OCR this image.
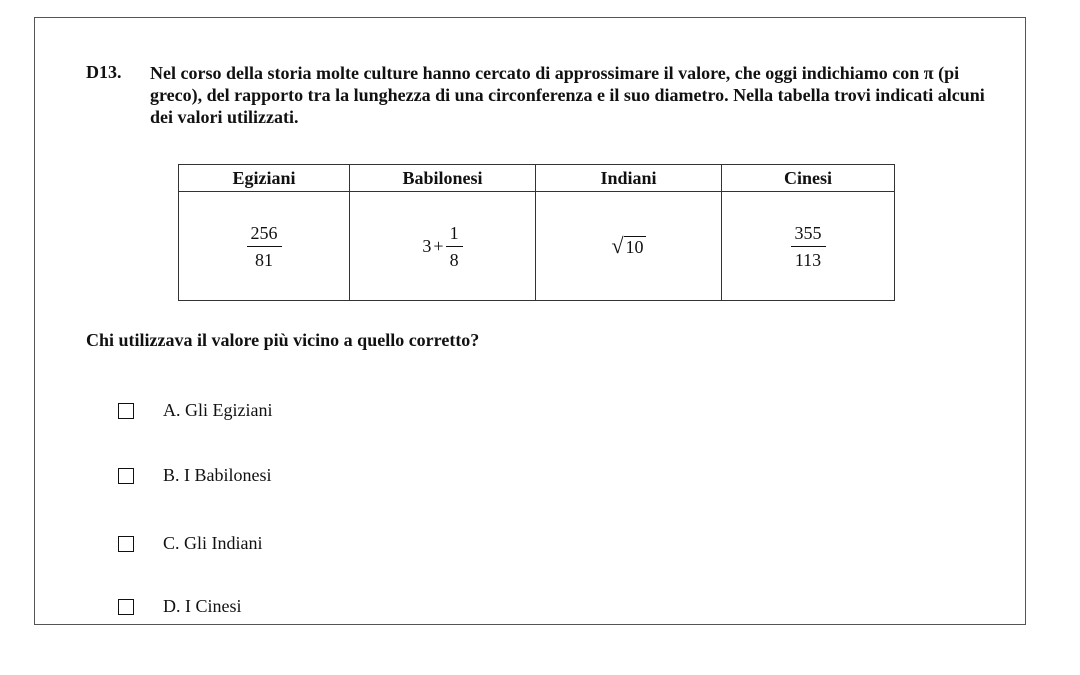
D13. Nel corso della storia molte culture hanno cercato di approssimare il valore, che oggi indichiamo con π (pi greco), del rapporto tra la lunghezza di una circonferenza e il suo diametro. Nella tabella trovi indicati alcuni dei valori utilizzati.
Egiziani	Babilonesi	Indiani	Cinesi

$\frac{256}{81}$	$3 + \frac{1}{8}$	√ 10	$\frac{355}{113}$
Chi utilizzava il valore più vicino a quello corretto?
A. Gli Egiziani
B. I Babilonesi
C. Gli Indiani
D. I Cinesi
